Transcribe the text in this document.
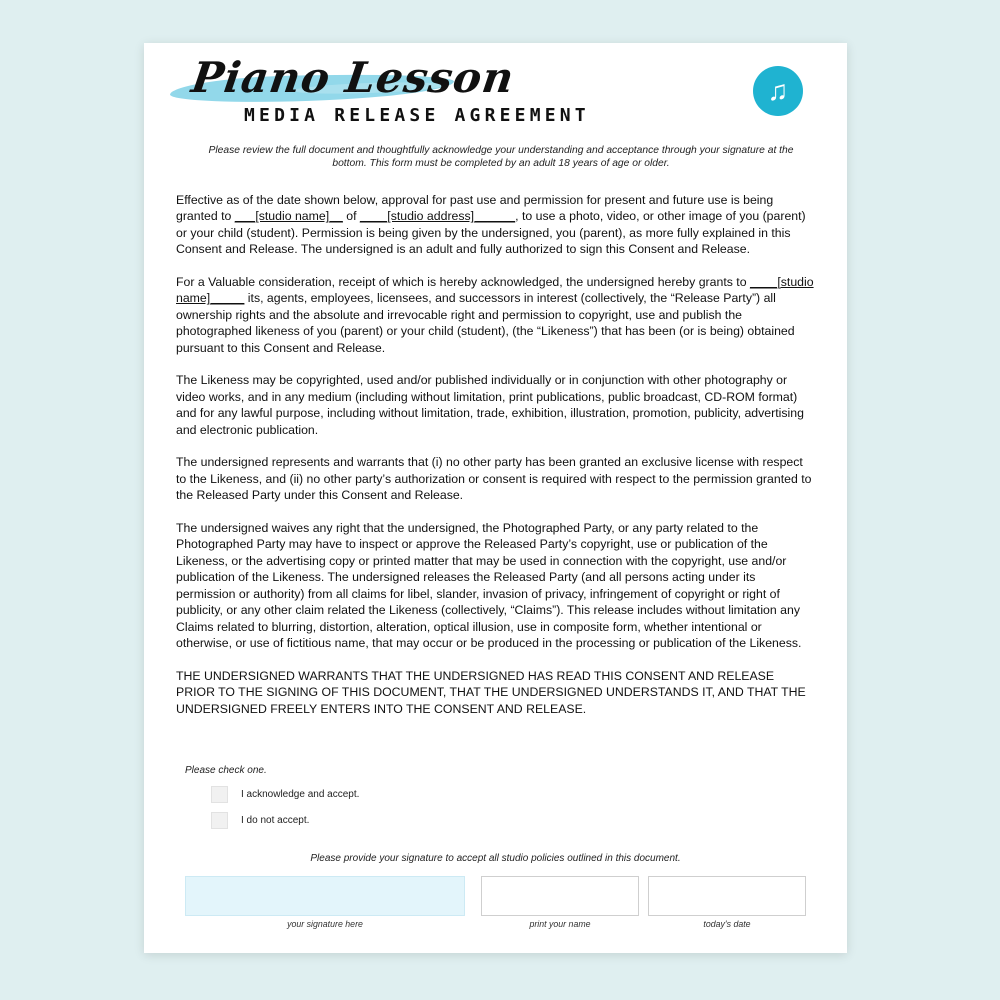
Piano Lesson
MEDIA RELEASE AGREEMENT
♫
Please review the full document and thoughtfully acknowledge your understanding and acceptance through your signature at the bottom. This form must be completed by an adult 18 years of age or older.

Effective as of the date shown below, approval for past use and permission for present and future use is being granted to ___[studio name]__ of ____[studio address]______, to use a photo, video, or other image of you (parent) or your child (student). Permission is being given by the undersigned, you (parent), as more fully explained in this Consent and Release. The undersigned is an adult and fully authorized to sign this Consent and Release.

For a Valuable consideration, receipt of which is hereby acknowledged, the undersigned hereby grants to ____[studio name]_____ its, agents, employees, licensees, and successors in interest (collectively, the “Release Party”) all ownership rights and the absolute and irrevocable right and permission to copyright, use and publish the photographed likeness of you (parent) or your child (student), (the “Likeness”) that has been (or is being) obtained pursuant to this Consent and Release.

The Likeness may be copyrighted, used and/or published individually or in conjunction with other photography or video works, and in any medium (including without limitation, print publications, public broadcast, CD-ROM format) and for any lawful purpose, including without limitation, trade, exhibition, illustration, promotion, publicity, advertising and electronic publication.

The undersigned represents and warrants that (i) no other party has been granted an exclusive license with respect to the Likeness, and (ii) no other party’s authorization or consent is required with respect to the permission granted to the Released Party under this Consent and Release.

The undersigned waives any right that the undersigned, the Photographed Party, or any party related to the Photographed Party may have to inspect or approve the Released Party’s copyright, use or publication of the Likeness, or the advertising copy or printed matter that may be used in connection with the copyright, use and/or publication of the Likeness. The undersigned releases the Released Party (and all persons acting under its permission or authority) from all claims for libel, slander, invasion of privacy, infringement of copyright or right of publicity, or any other claim related the Likeness (collectively, “Claims”). This release includes without limitation any Claims related to blurring, distortion, alteration, optical illusion, use in composite form, whether intentional or otherwise, or use of fictitious name, that may occur or be produced in the processing or publication of the Likeness.

THE UNDERSIGNED WARRANTS THAT THE UNDERSIGNED HAS READ THIS CONSENT AND RELEASE PRIOR TO THE SIGNING OF THIS DOCUMENT, THAT THE UNDERSIGNED UNDERSTANDS IT, AND THAT THE UNDERSIGNED FREELY ENTERS INTO THE CONSENT AND RELEASE.

Please check one.
I acknowledge and accept.
I do not accept.
Please provide your signature to accept all studio policies outlined in this document.
your signature here	print your name	today's date
